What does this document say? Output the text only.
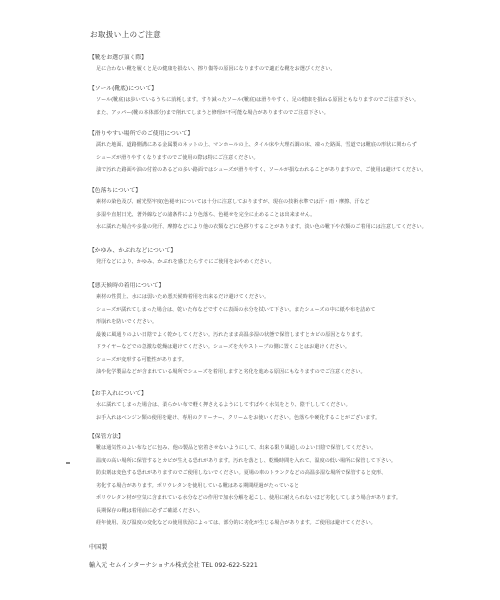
お取扱い上のご注意
【靴をお選び頂く際】
足に合わない靴を履くと足の健康を損ない、擦り傷等の原因になりますので適正な靴をお選びください。
【ソール(靴底)について】
ソール(靴底)は歩いているうちに消耗します。すり減ったソール(靴底)は滑りやすく、足の健康を損ねる原因ともなりますのでご注意下さい。
また、アッパー(靴の本体部分)まで削れてしまうと修理が不可能な場合がありますのでご注意下さい。
【滑りやすい場所でのご使用について】
濡れた地面、道路側溝にある金属製のネットの上、マンホールの上、タイル床や大理石調の床、凍った路面、雪道では靴底の形状に関わらず
シューズが滑りやすくなりますのでご使用の際は特にご注意ください。
油で汚れた路面や油の付着のあるどの多い路面ではシューズが滑りやすく、ソールが損なわれることがありますので、ご使用は避けてください。
【色落ちについて】
素材の染色及び、耐光堅牢度(色褪せ)については十分に注意しておりますが、現在の技術水準では汗・雨・摩擦、汗など
多湿や直射日光、著外線などの諸条件により色落ち、色褪せを完全に止めることは出来ません。
水に濡れた場合や多量の発汗、摩擦などにより他の衣類などに色移りすることがあります。淡い色の靴下や衣類のご着用には注意してください。
【かゆみ、かぶれなどについて】
発汗などにより、かゆみ、かぶれを感じたらすぐにご使用をおやめください。
【悪天候時の着用について】
素材の性質上、水には弱いため悪天候時着用を出来るだけ避けてください。
シューズが濡れてしまった場合は、乾いた布などですぐに表面の水分を拭いて下さい。またシューズの中に紙や布を詰めて
形崩れを防いでください。
最後に風通りのよい日陰でよく乾かしてください。汚れたまま高温多湿の状態で保管しますとカビの原因となります。
ドライヤーなどでの急激な乾燥は避けてください。シューズを火やストーブの側に置くことはお避けください。
シューズが変形する可能性があります。
油や化学製品などが含まれている場所でシューズを着用しますと劣化を進める原因にもなりますのでご注意ください。
【お手入れについて】
水に濡れてしまった場合は、柔らかい布で軽く押さえるようにしてすばやく水気をとり、陰干ししてください。
お手入れはベンジン類の使用を避け、専用のクリーナー、クリームをお使いください。色落ちや硬化することがございます。
【保管方法】
靴は通気性のよい布などに包み、他の製品と密着させないようにして、出来る限り風通しのよい日陰で保管してください。
温度の高い場所に保管するとカビが生える恐れがあります。汚れを落とし、乾燥時間を入れて、温度の低い場所に保管して下さい。
防虫剤は変色する恐れがありますのでご使用しないでください。夏場の車のトランクなどの高温多湿な場所で保管すると変形、
劣化する場合があります。ポリウレタンを使用している靴はある期間経過がたっていると
ポリウレタン材が空気に含まれている水分などの作用で加水分解を起こし、使用に耐えられないほど劣化してしまう場合があります。
長期保存の靴は着用前に必ずご確認ください。
経年使用、及び温度の変化などの使用状況によっては、部分的に劣化が生じる場合があります。ご使用は避けてください。
中国製
輸入元 セムインターナショナル株式会社 TEL 092-622-5221
